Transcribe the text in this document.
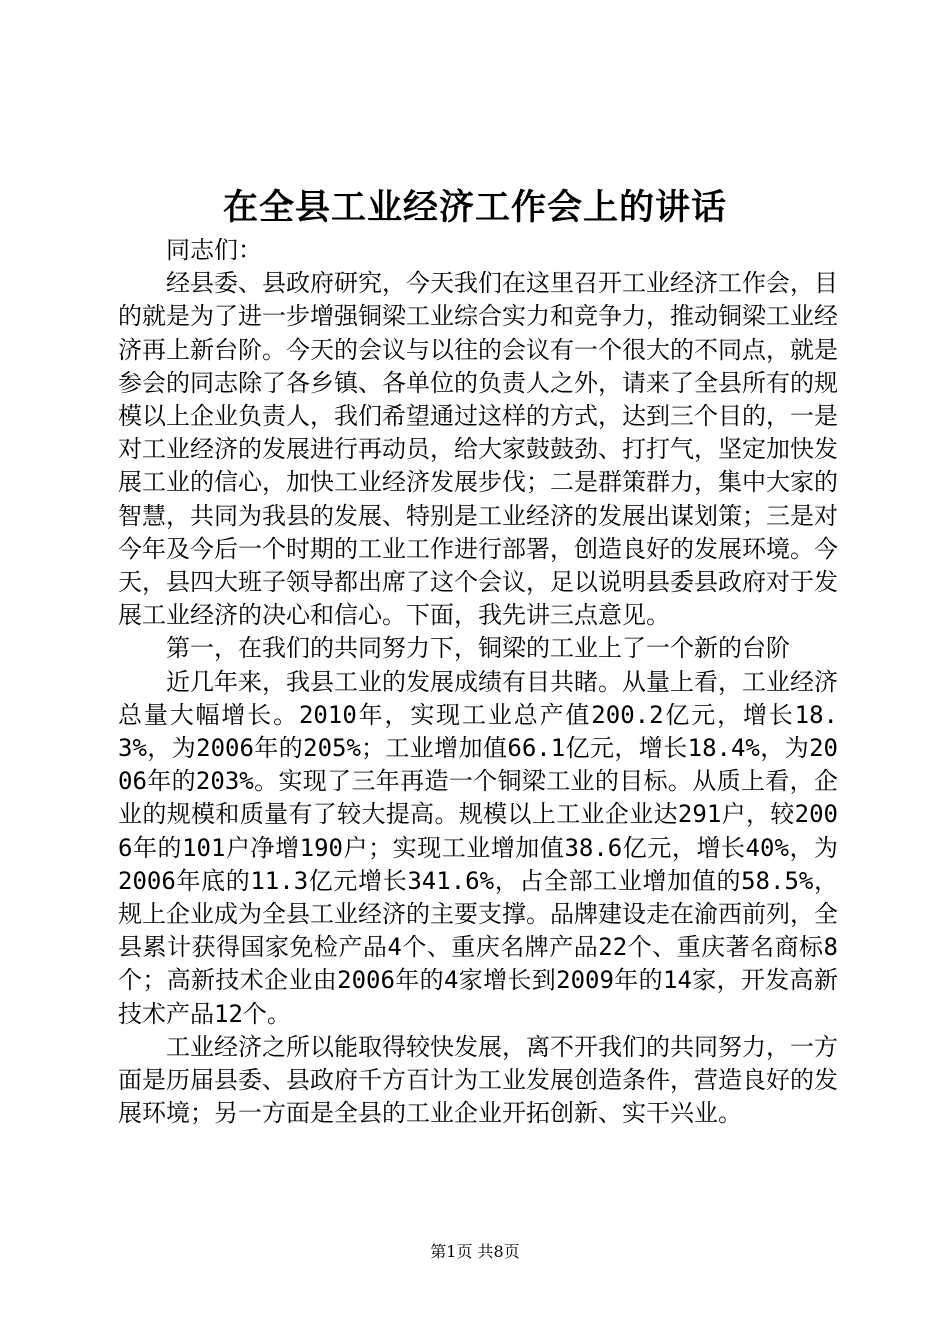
在全县工业经济工作会上的讲话

同志们：

经县委、县政府研究，今天我们在这里召开工业经济工作会，目的就是为了进一步增强铜梁工业综合实力和竞争力，推动铜梁工业经济再上新台阶。今天的会议与以往的会议有一个很大的不同点，就是参会的同志除了各乡镇、各单位的负责人之外，请来了全县所有的规模以上企业负责人，我们希望通过这样的方式，达到三个目的，一是对工业经济的发展进行再动员，给大家鼓鼓劲、打打气，坚定加快发展工业的信心，加快工业经济发展步伐；二是群策群力，集中大家的智慧，共同为我县的发展、特别是工业经济的发展出谋划策；三是对今年及今后一个时期的工业工作进行部署，创造良好的发展环境。今天，县四大班子领导都出席了这个会议，足以说明县委县政府对于发展工业经济的决心和信心。下面，我先讲三点意见。

第一，在我们的共同努力下，铜梁的工业上了一个新的台阶

近几年来，我县工业的发展成绩有目共睹。从量上看，工业经济总量大幅增长。2010年，实现工业总产值200.2亿元，增长18.3%，为2006年的205%；工业增加值66.1亿元，增长18.4%，为2006年的203%。实现了三年再造一个铜梁工业的目标。从质上看，企业的规模和质量有了较大提高。规模以上工业企业达291户，较2006年的101户净增190户；实现工业增加值38.6亿元，增长40%，为2006年底的11.3亿元增长341.6%，占全部工业增加值的58.5%，规上企业成为全县工业经济的主要支撑。品牌建设走在渝西前列，全县累计获得国家免检产品4个、重庆名牌产品22个、重庆著名商标8个；高新技术企业由2006年的4家增长到2009年的14家，开发高新技术产品12个。

工业经济之所以能取得较快发展，离不开我们的共同努力，一方面是历届县委、县政府千方百计为工业发展创造条件，营造良好的发展环境；另一方面是全县的工业企业开拓创新、实干兴业。

第1页 共8页
